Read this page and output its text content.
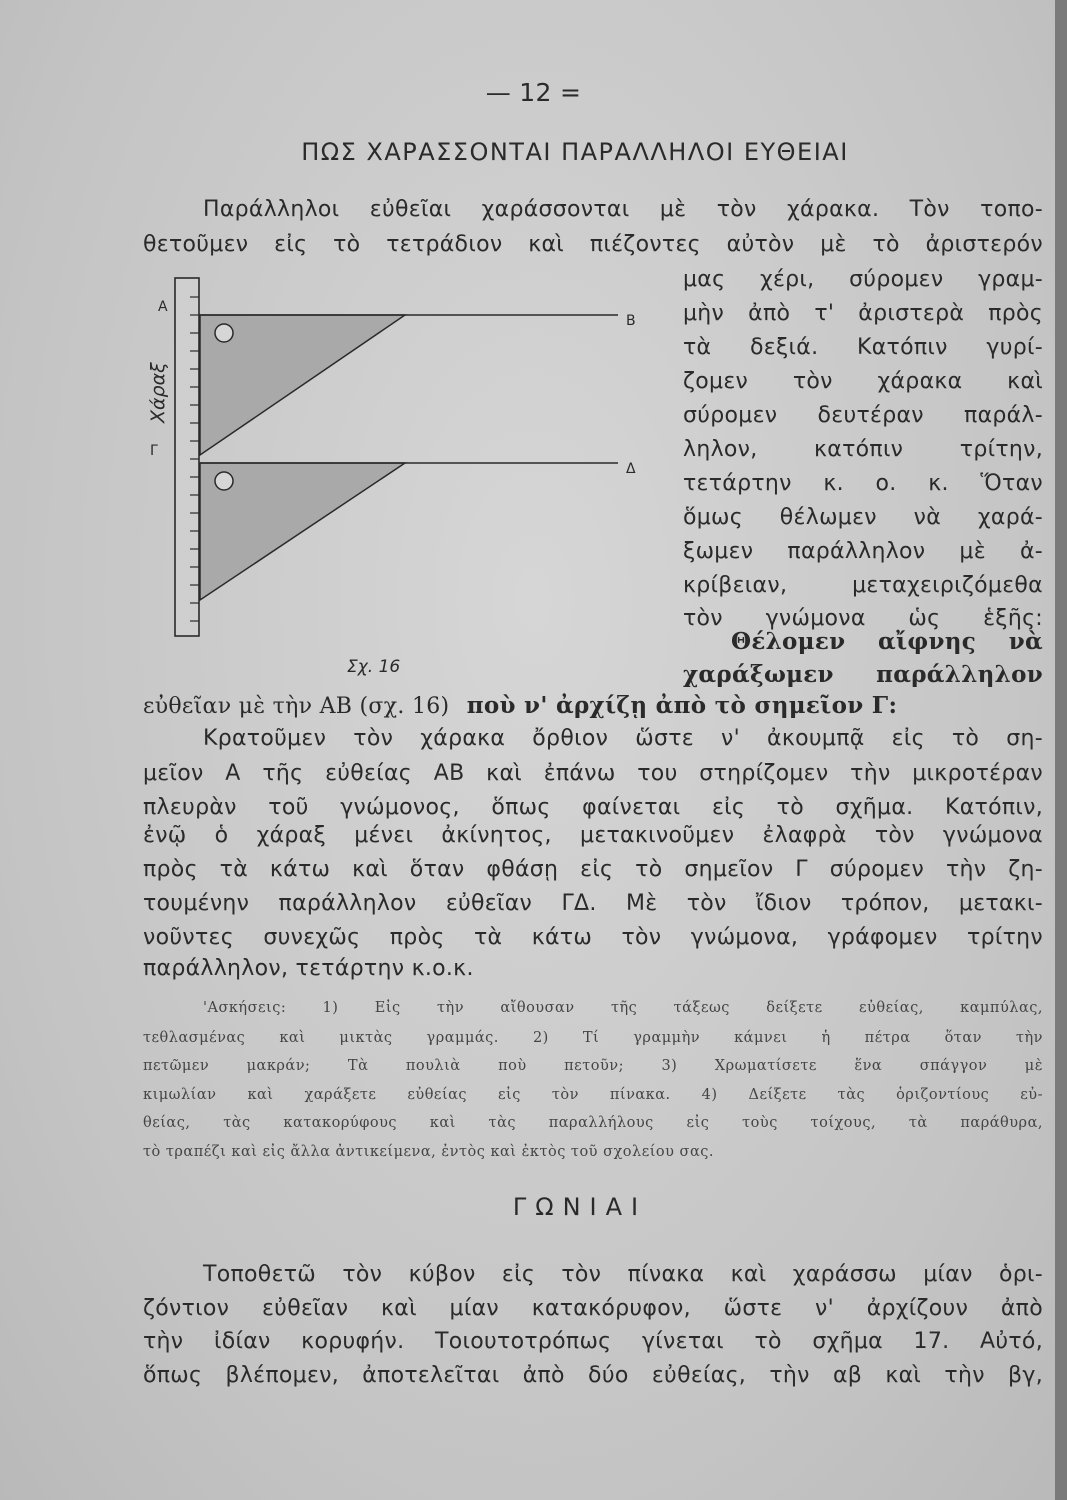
— 12 =
ΠΩΣ ΧΑΡΑΣΣΟΝΤΑΙ ΠΑΡΑΛΛΗΛΟΙ ΕΥΘΕΙΑΙ
Παράλληλοι εὐθεῖαι χαράσσονται μὲ τὸν χάρακα. Τὸν τοπο-
θετοῦμεν εἰς τὸ τετράδιον καὶ πιέζοντες αὐτὸν μὲ τὸ ἀριστερόν
μας χέρι, σύρομεν γραμ-
μὴν ἀπὸ τ' ἀριστερὰ πρὸς
τὰ δεξιά. Κατόπιν γυρί-
ζομεν τὸν χάρακα καὶ
σύρομεν δευτέραν παράλ-
ληλον, κατόπιν τρίτην,
τετάρτην κ. ο. κ. Ὅταν
ὅμως θέλωμεν νὰ χαρά-
ξωμεν παράλληλον μὲ ἀ-
κρίβειαν, μεταχειριζόμεθα
τὸν γνώμονα ὡς ἑξῆς:
Θέλομεν αἴφνης νὰ
χαράξωμεν παράλληλον
εὐθεῖαν μὲ τὴν ΑΒ (σχ. 16) ποὺ ν' ἀρχίζῃ ἀπὸ τὸ σημεῖον Γ:
Κρατοῦμεν τὸν χάρακα ὄρθιον ὥστε ν' ἀκουμπᾷ εἰς τὸ ση-
μεῖον Α τῆς εὐθείας ΑΒ καὶ ἐπάνω του στηρίζομεν τὴν μικροτέραν
πλευρὰν τοῦ γνώμονος, ὅπως φαίνεται εἰς τὸ σχῆμα. Κατόπιν,
ἐνῷ ὁ χάραξ μένει ἀκίνητος, μετακινοῦμεν ἐλαφρὰ τὸν γνώμονα
πρὸς τὰ κάτω καὶ ὅταν φθάσῃ εἰς τὸ σημεῖον Γ σύρομεν τὴν ζη-
τουμένην παράλληλον εὐθεῖαν ΓΔ. Μὲ τὸν ἴδιον τρόπον, μετακι-
νοῦντες συνεχῶς πρὸς τὰ κάτω τὸν γνώμονα, γράφομεν τρίτην
παράλληλον, τετάρτην κ.ο.κ.
'Ασκήσεις: 1) Εἰς τὴν αἴθουσαν τῆς τάξεως δείξετε εὐθείας, καμπύλας,
τεθλασμένας καὶ μικτὰς γραμμάς. 2) Τί γραμμὴν κάμνει ἡ πέτρα ὅταν τὴν
πετῶμεν μακράν; Τὰ πουλιὰ ποὺ πετοῦν; 3) Χρωματίσετε ἕνα σπάγγον μὲ
κιμωλίαν καὶ χαράξετε εὐθείας εἰς τὸν πίνακα. 4) Δείξετε τὰς ὁριζοντίους εὐ-
θείας, τὰς κατακορύφους καὶ τὰς παραλλήλους εἰς τοὺς τοίχους, τὰ παράθυρα,
τὸ τραπέζι καὶ εἰς ἄλλα ἀντικείμενα, ἐντὸς καὶ ἐκτὸς τοῦ σχολείου σας.
ΓΩΝΙΑΙ
Τοποθετῶ τὸν κύβον εἰς τὸν πίνακα καὶ χαράσσω μίαν ὁρι-
ζόντιον εὐθεῖαν καὶ μίαν κατακόρυφον, ὥστε ν' ἀρχίζουν ἀπὸ
τὴν ἰδίαν κορυφήν. Τοιουτοτρόπως γίνεται τὸ σχῆμα 17. Αὐτό,
ὅπως βλέπομεν, ἀποτελεῖται ἀπὸ δύο εὐθείας, τὴν αβ καὶ τὴν βγ,
Α
Β
Γ
Δ
Χάραξ
Σχ. 16
